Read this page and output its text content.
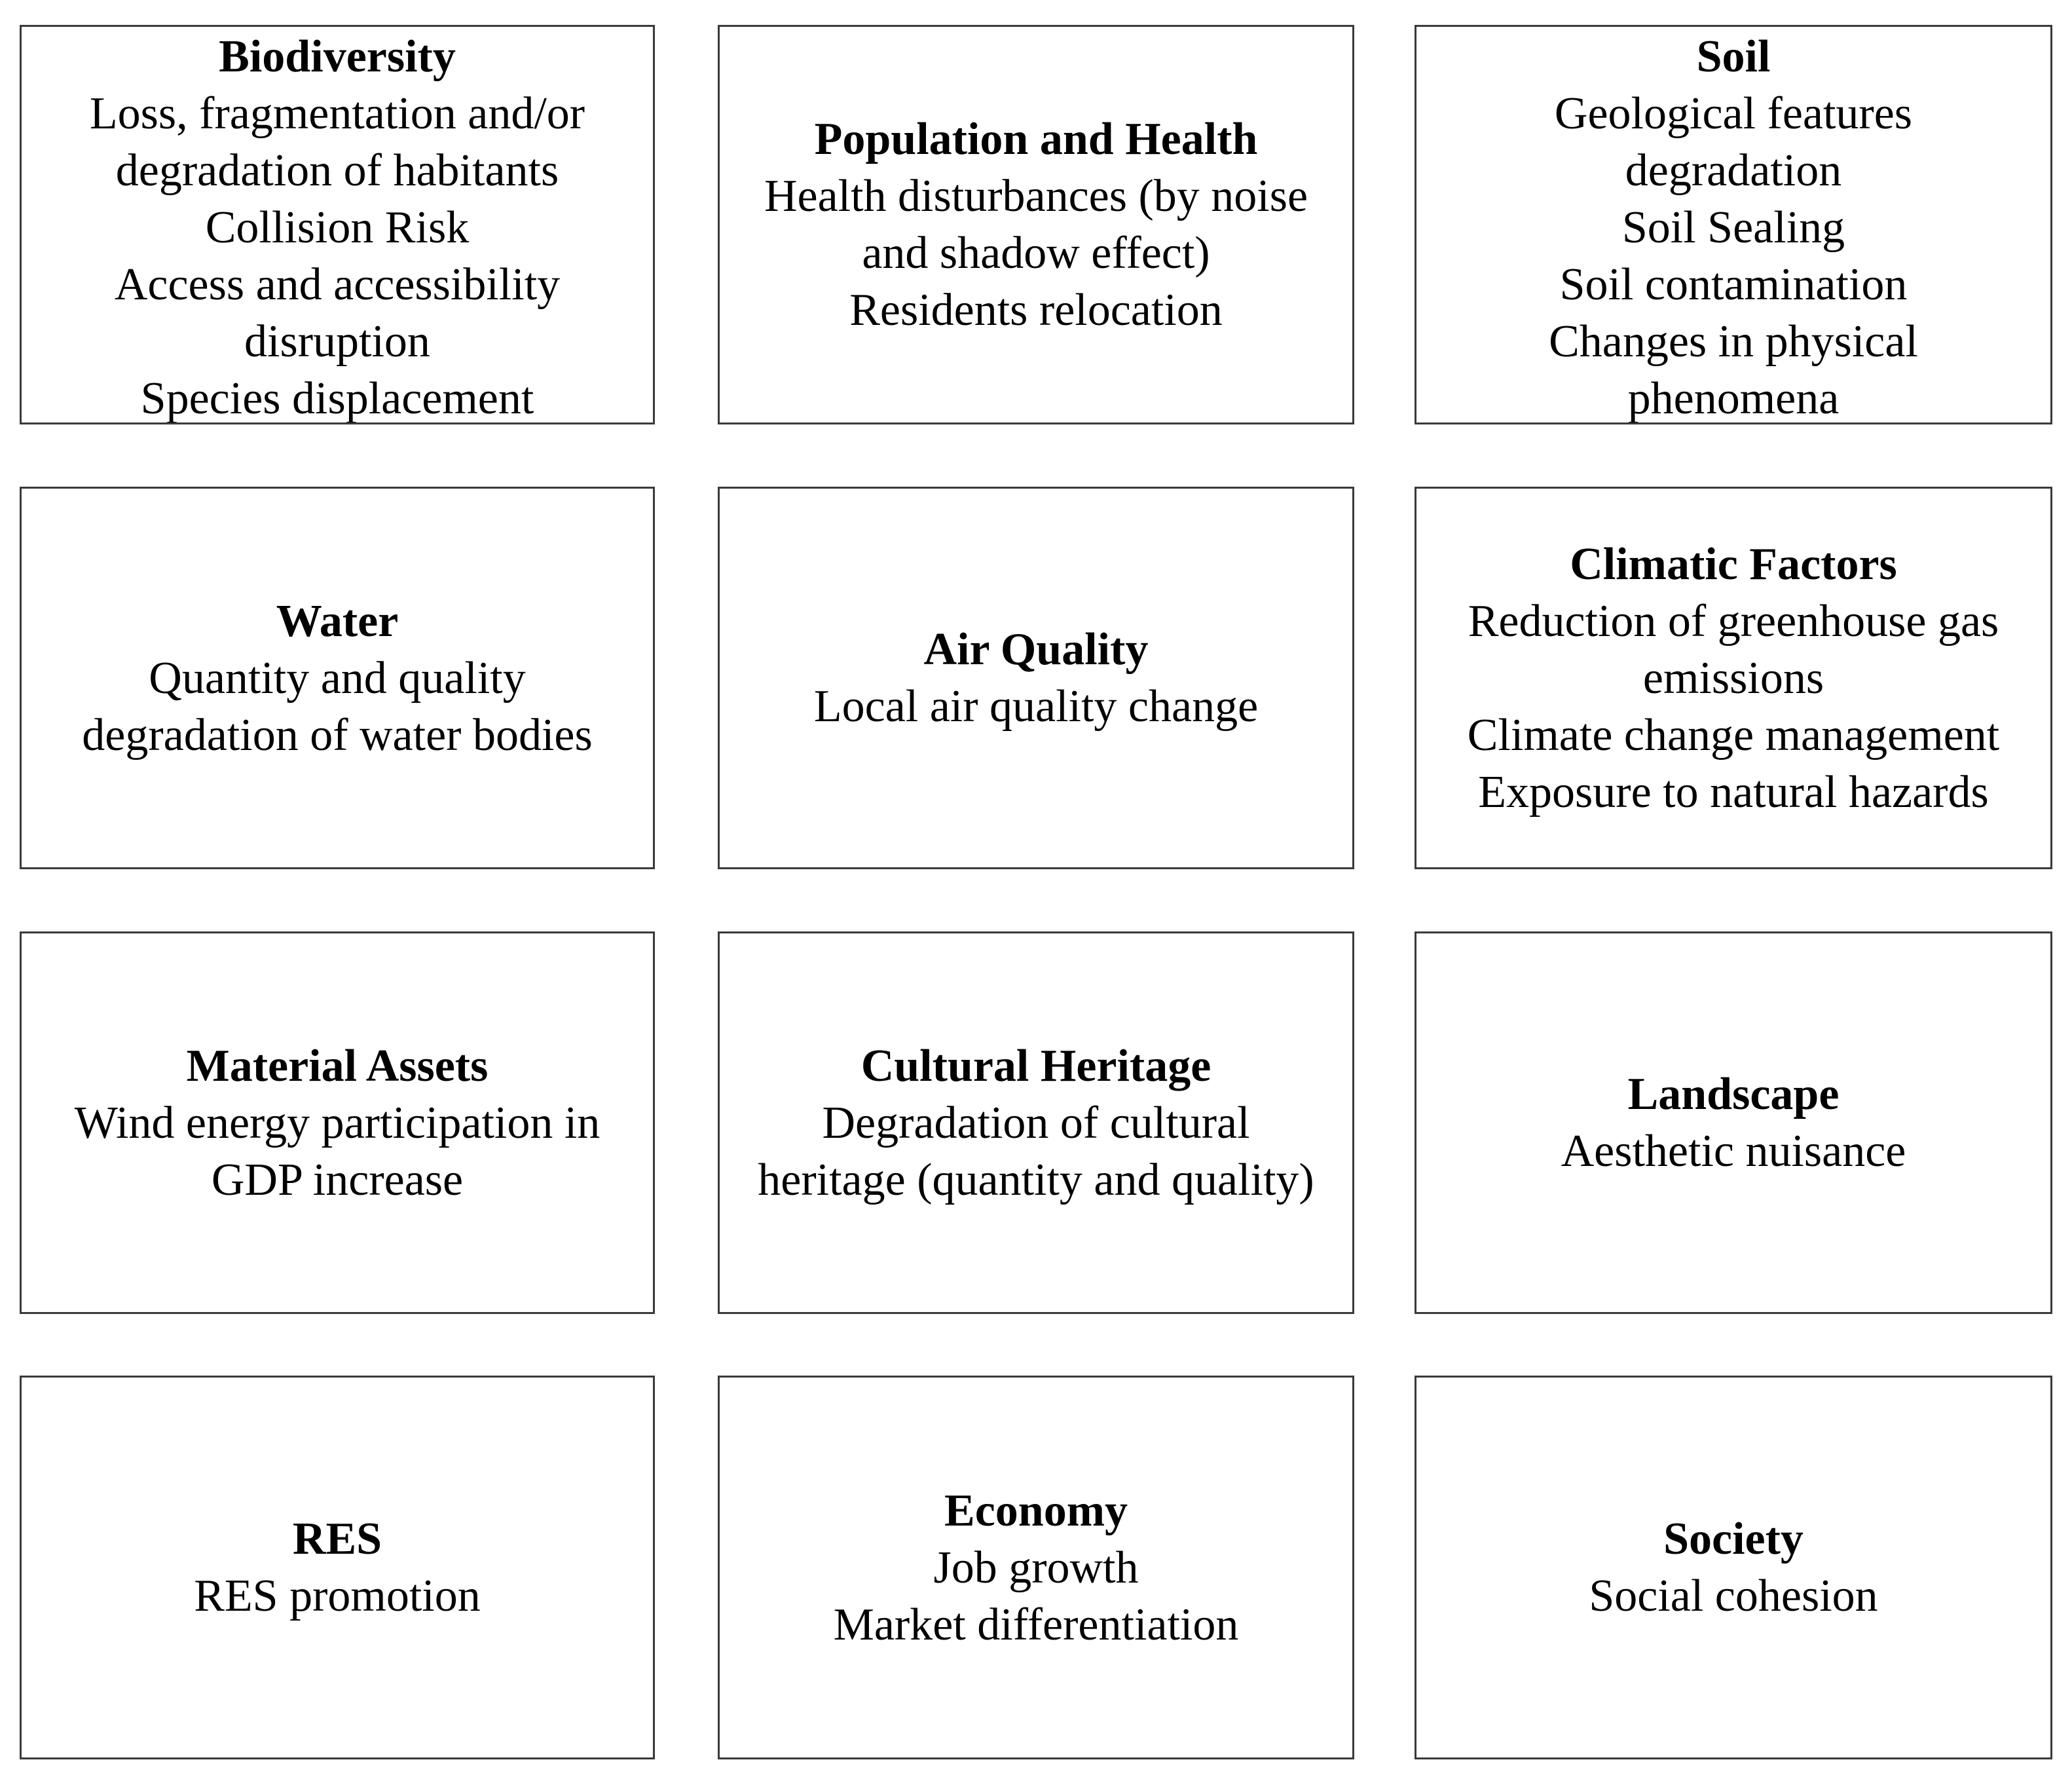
Biodiversity
Loss, fragmentation and/or
degradation of habitants
Collision Risk
Access and accessibility
disruption
Species displacement
Population and Health
Health disturbances (by noise
and shadow effect)
Residents relocation
Soil
Geological features
degradation
Soil Sealing
Soil contamination
Changes in physical
phenomena
Water
Quantity and quality
degradation of water bodies
Air Quality
Local air quality change
Climatic Factors
Reduction of greenhouse gas
emissions
Climate change management
Exposure to natural hazards
Material Assets
Wind energy participation in
GDP increase
Cultural Heritage
Degradation of cultural
heritage (quantity and quality)
Landscape
Aesthetic nuisance
RES
RES promotion
Economy
Job growth
Market differentiation
Society
Social cohesion
